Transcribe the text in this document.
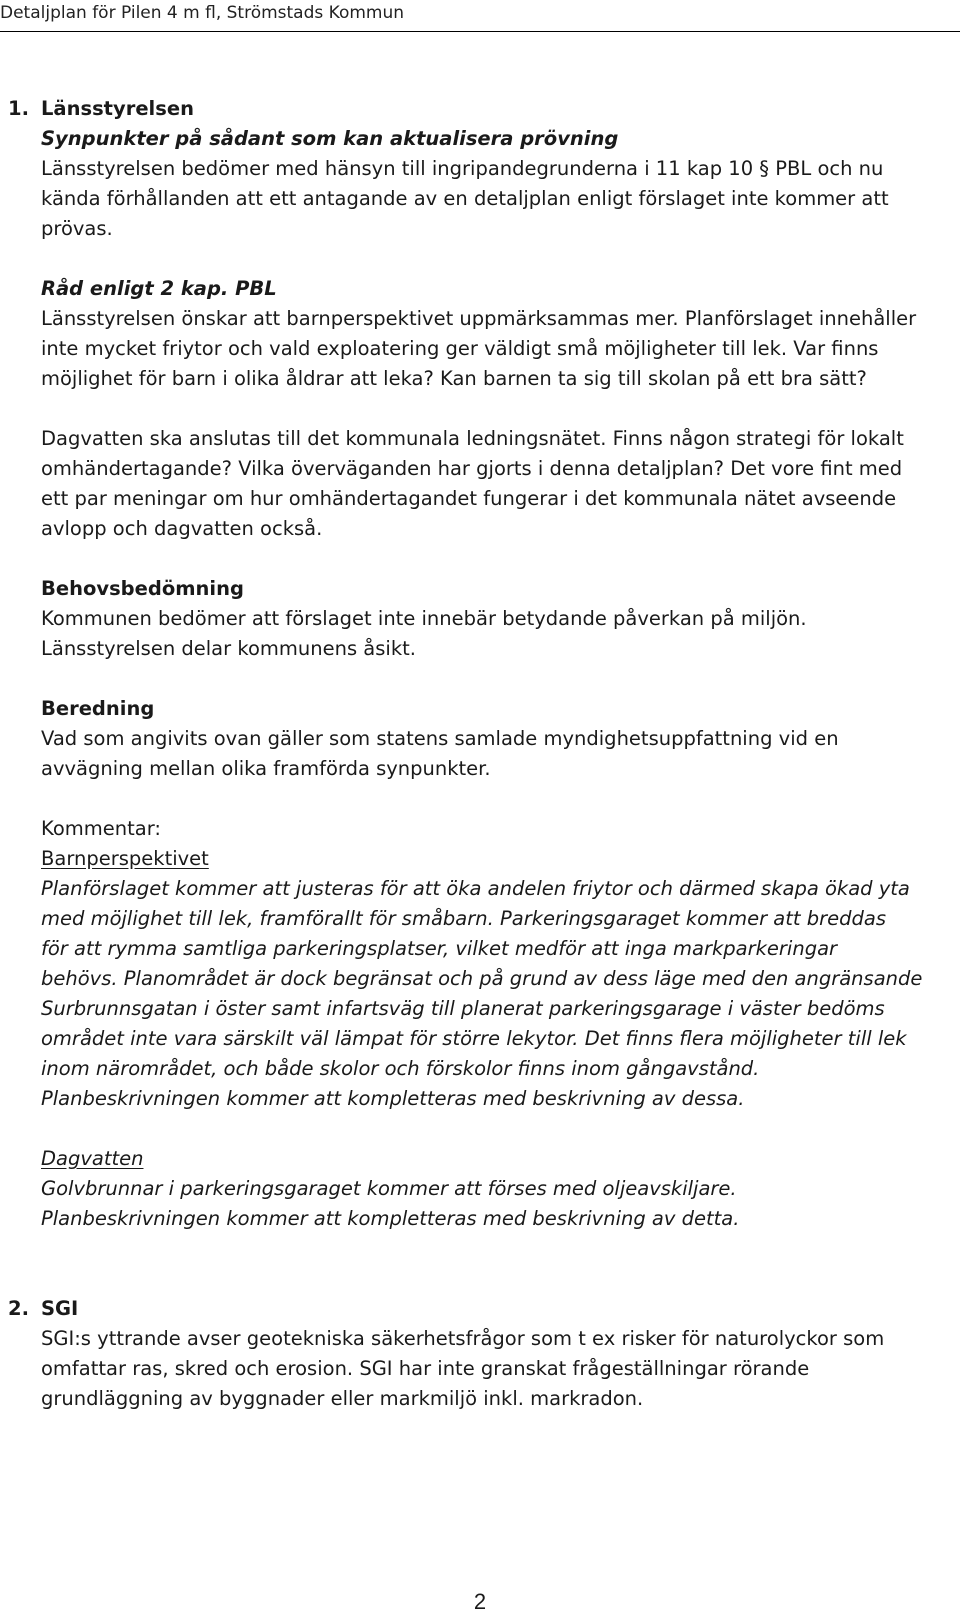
Detaljplan för Pilen 4 m fl, Strömstads Kommun
1. Länsstyrelsen
Synpunkter på sådant som kan aktualisera prövning
Länsstyrelsen bedömer med hänsyn till ingripandegrunderna i 11 kap 10 § PBL och nu
kända förhållanden att ett antagande av en detaljplan enligt förslaget inte kommer att
prövas.
Råd enligt 2 kap. PBL
Länsstyrelsen önskar att barnperspektivet uppmärksammas mer. Planförslaget innehåller
inte mycket friytor och vald exploatering ger väldigt små möjligheter till lek. Var finns
möjlighet för barn i olika åldrar att leka? Kan barnen ta sig till skolan på ett bra sätt?
Dagvatten ska anslutas till det kommunala ledningsnätet. Finns någon strategi för lokalt
omhändertagande? Vilka överväganden har gjorts i denna detaljplan? Det vore fint med
ett par meningar om hur omhändertagandet fungerar i det kommunala nätet avseende
avlopp och dagvatten också.
Behovsbedömning
Kommunen bedömer att förslaget inte innebär betydande påverkan på miljön.
Länsstyrelsen delar kommunens åsikt.
Beredning
Vad som angivits ovan gäller som statens samlade myndighetsuppfattning vid en
avvägning mellan olika framförda synpunkter.
Kommentar:
Barnperspektivet
Planförslaget kommer att justeras för att öka andelen friytor och därmed skapa ökad yta
med möjlighet till lek, framförallt för småbarn. Parkeringsgaraget kommer att breddas
för att rymma samtliga parkeringsplatser, vilket medför att inga markparkeringar
behövs. Planområdet är dock begränsat och på grund av dess läge med den angränsande
Surbrunnsgatan i öster samt infartsväg till planerat parkeringsgarage i väster bedöms
området inte vara särskilt väl lämpat för större lekytor. Det finns flera möjligheter till lek
inom närområdet, och både skolor och förskolor finns inom gångavstånd.
Planbeskrivningen kommer att kompletteras med beskrivning av dessa.
Dagvatten
Golvbrunnar i parkeringsgaraget kommer att förses med oljeavskiljare.
Planbeskrivningen kommer att kompletteras med beskrivning av detta.
2. SGI
SGI:s yttrande avser geotekniska säkerhetsfrågor som t ex risker för naturolyckor som
omfattar ras, skred och erosion. SGI har inte granskat frågeställningar rörande
grundläggning av byggnader eller markmiljö inkl. markradon.
2
